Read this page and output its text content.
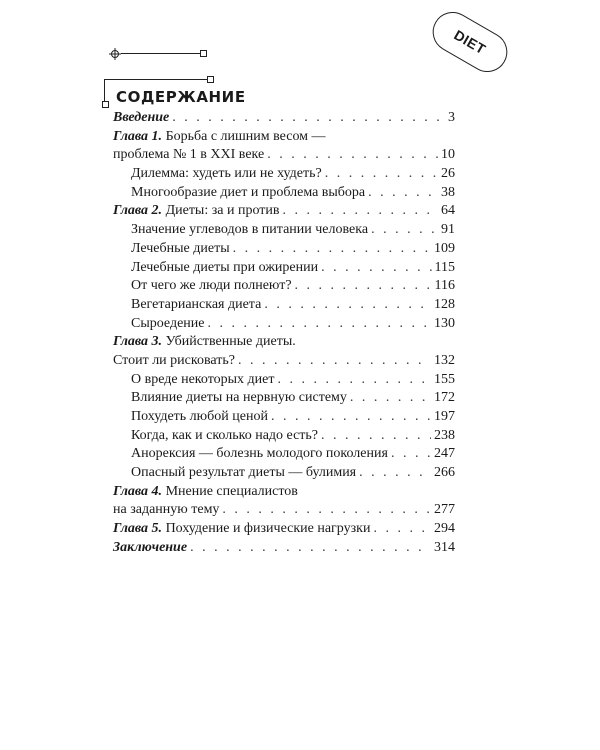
DIET
СОДЕРЖАНИЕ
Введение . . .	3
Глава 1. Борьба с лишним весом —
проблема № 1 в XXI веке . . .	10
Дилемма: худеть или не худеть? . . .	26
Многообразие диет и проблема выбора . . .	38
Глава 2. Диеты: за и против . . .	64
Значение углеводов в питании человека . . .	91
Лечебные диеты . . .	109
Лечебные диеты при ожирении . . .	115
От чего же люди полнеют? . . .	116
Вегетарианская диета . . .	128
Сыроедение . . .	130
Глава 3. Убийственные диеты.
Стоит ли рисковать? . . .	132
О вреде некоторых диет . . .	155
Влияние диеты на нервную систему . . .	172
Похудеть любой ценой . . .	197
Когда, как и сколько надо есть? . . .	238
Анорексия — болезнь молодого поколения . . .	247
Опасный результат диеты — булимия . . .	266
Глава 4. Мнение специалистов
на заданную тему . . .	277
Глава 5. Похудение и физические нагрузки . . .	294
Заключение . . .	314
